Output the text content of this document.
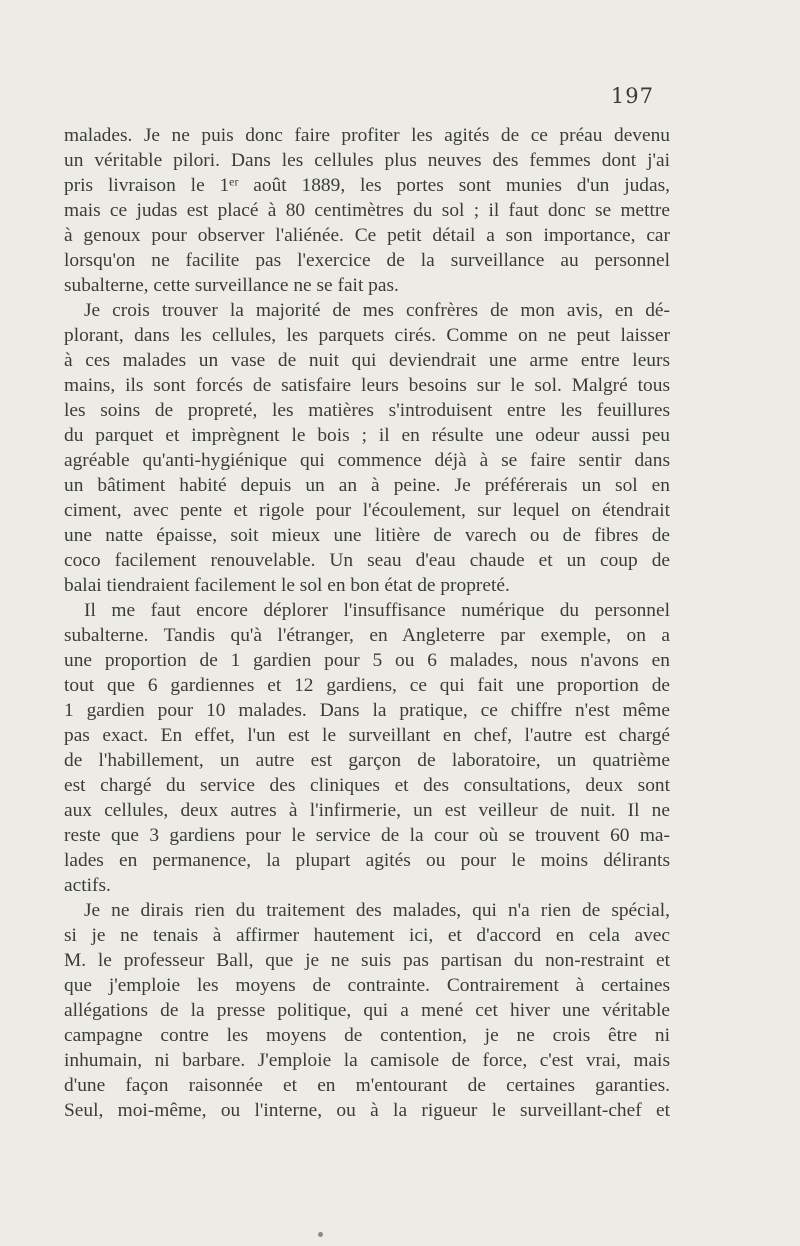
197
malades. Je ne puis donc faire profiter les agités de ce préau devenu
un véritable pilori. Dans les cellules plus neuves des femmes dont j'ai
pris livraison le 1ᵉʳ août 1889, les portes sont munies d'un judas,
mais ce judas est placé à 80 centimètres du sol ; il faut donc se mettre
à genoux pour observer l'aliénée. Ce petit détail a son importance, car
lorsqu'on ne facilite pas l'exercice de la surveillance au personnel
subalterne, cette surveillance ne se fait pas.
Je crois trouver la majorité de mes confrères de mon avis, en dé-
plorant, dans les cellules, les parquets cirés. Comme on ne peut laisser
à ces malades un vase de nuit qui deviendrait une arme entre leurs
mains, ils sont forcés de satisfaire leurs besoins sur le sol. Malgré tous
les soins de propreté, les matières s'introduisent entre les feuillures
du parquet et imprègnent le bois ; il en résulte une odeur aussi peu
agréable qu'anti-hygiénique qui commence déjà à se faire sentir dans
un bâtiment habité depuis un an à peine. Je préférerais un sol en
ciment, avec pente et rigole pour l'écoulement, sur lequel on étendrait
une natte épaisse, soit mieux une litière de varech ou de fibres de
coco facilement renouvelable. Un seau d'eau chaude et un coup de
balai tiendraient facilement le sol en bon état de propreté.
Il me faut encore déplorer l'insuffisance numérique du personnel
subalterne. Tandis qu'à l'étranger, en Angleterre par exemple, on a
une proportion de 1 gardien pour 5 ou 6 malades, nous n'avons en
tout que 6 gardiennes et 12 gardiens, ce qui fait une proportion de
1 gardien pour 10 malades. Dans la pratique, ce chiffre n'est même
pas exact. En effet, l'un est le surveillant en chef, l'autre est chargé
de l'habillement, un autre est garçon de laboratoire, un quatrième
est chargé du service des cliniques et des consultations, deux sont
aux cellules, deux autres à l'infirmerie, un est veilleur de nuit. Il ne
reste que 3 gardiens pour le service de la cour où se trouvent 60 ma-
lades en permanence, la plupart agités ou pour le moins délirants
actifs.
Je ne dirais rien du traitement des malades, qui n'a rien de spécial,
si je ne tenais à affirmer hautement ici, et d'accord en cela avec
M. le professeur Ball, que je ne suis pas partisan du non-restraint et
que j'emploie les moyens de contrainte. Contrairement à certaines
allégations de la presse politique, qui a mené cet hiver une véritable
campagne contre les moyens de contention, je ne crois être ni
inhumain, ni barbare. J'emploie la camisole de force, c'est vrai, mais
d'une façon raisonnée et en m'entourant de certaines garanties.
Seul, moi-même, ou l'interne, ou à la rigueur le surveillant-chef et
